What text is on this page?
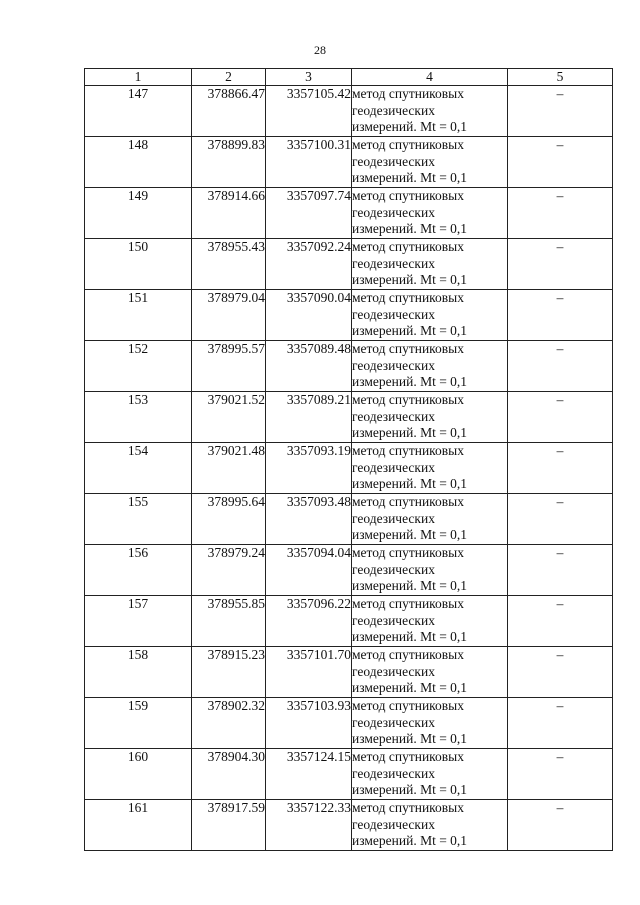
28
1	2	3	4	5
147	378866.47	3357105.42	метод спутниковых
геодезических
измерений. Mt = 0,1	–
148	378899.83	3357100.31	метод спутниковых
геодезических
измерений. Mt = 0,1	–
149	378914.66	3357097.74	метод спутниковых
геодезических
измерений. Mt = 0,1	–
150	378955.43	3357092.24	метод спутниковых
геодезических
измерений. Mt = 0,1	–
151	378979.04	3357090.04	метод спутниковых
геодезических
измерений. Mt = 0,1	–
152	378995.57	3357089.48	метод спутниковых
геодезических
измерений. Mt = 0,1	–
153	379021.52	3357089.21	метод спутниковых
геодезических
измерений. Mt = 0,1	–
154	379021.48	3357093.19	метод спутниковых
геодезических
измерений. Mt = 0,1	–
155	378995.64	3357093.48	метод спутниковых
геодезических
измерений. Mt = 0,1	–
156	378979.24	3357094.04	метод спутниковых
геодезических
измерений. Mt = 0,1	–
157	378955.85	3357096.22	метод спутниковых
геодезических
измерений. Mt = 0,1	–
158	378915.23	3357101.70	метод спутниковых
геодезических
измерений. Mt = 0,1	–
159	378902.32	3357103.93	метод спутниковых
геодезических
измерений. Mt = 0,1	–
160	378904.30	3357124.15	метод спутниковых
геодезических
измерений. Mt = 0,1	–
161	378917.59	3357122.33	метод спутниковых
геодезических
измерений. Mt = 0,1	–
